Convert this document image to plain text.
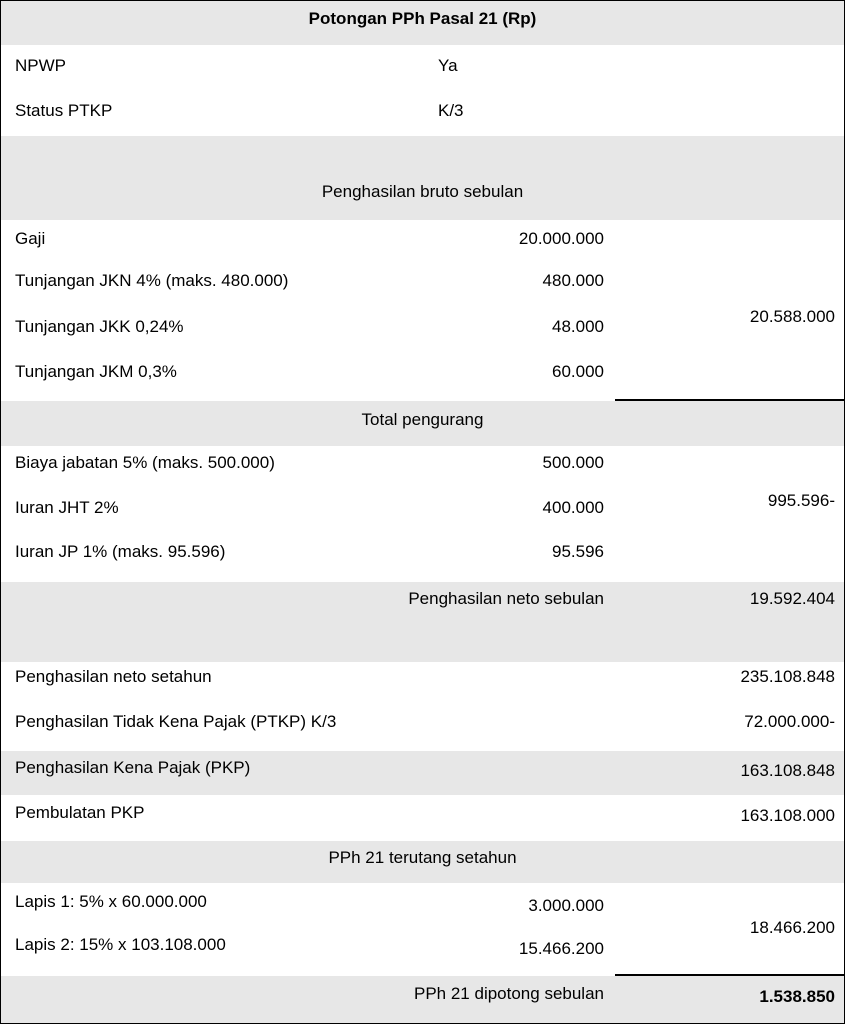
Potongan PPh Pasal 21 (Rp)
NPWP	Ya
Status PTKP	K/3
Penghasilan bruto sebulan
Gaji	20.000.000
Tunjangan JKN 4% (maks. 480.000)	480.000
Tunjangan JKK 0,24%	48.000
Tunjangan JKM 0,3%	60.000
20.588.000
Total pengurang
Biaya jabatan 5% (maks. 500.000)	500.000
Iuran JHT 2%	400.000
Iuran JP 1% (maks. 95.596)	95.596
995.596-
Penghasilan neto sebulan	19.592.404
Penghasilan neto setahun	235.108.848
Penghasilan Tidak Kena Pajak (PTKP) K/3	72.000.000-
Penghasilan Kena Pajak (PKP)	163.108.848
Pembulatan PKP	163.108.000
PPh 21 terutang setahun
Lapis 1: 5% x 60.000.000	3.000.000
Lapis 2: 15% x 103.108.000	15.466.200
18.466.200
PPh 21 dipotong sebulan	1.538.850
